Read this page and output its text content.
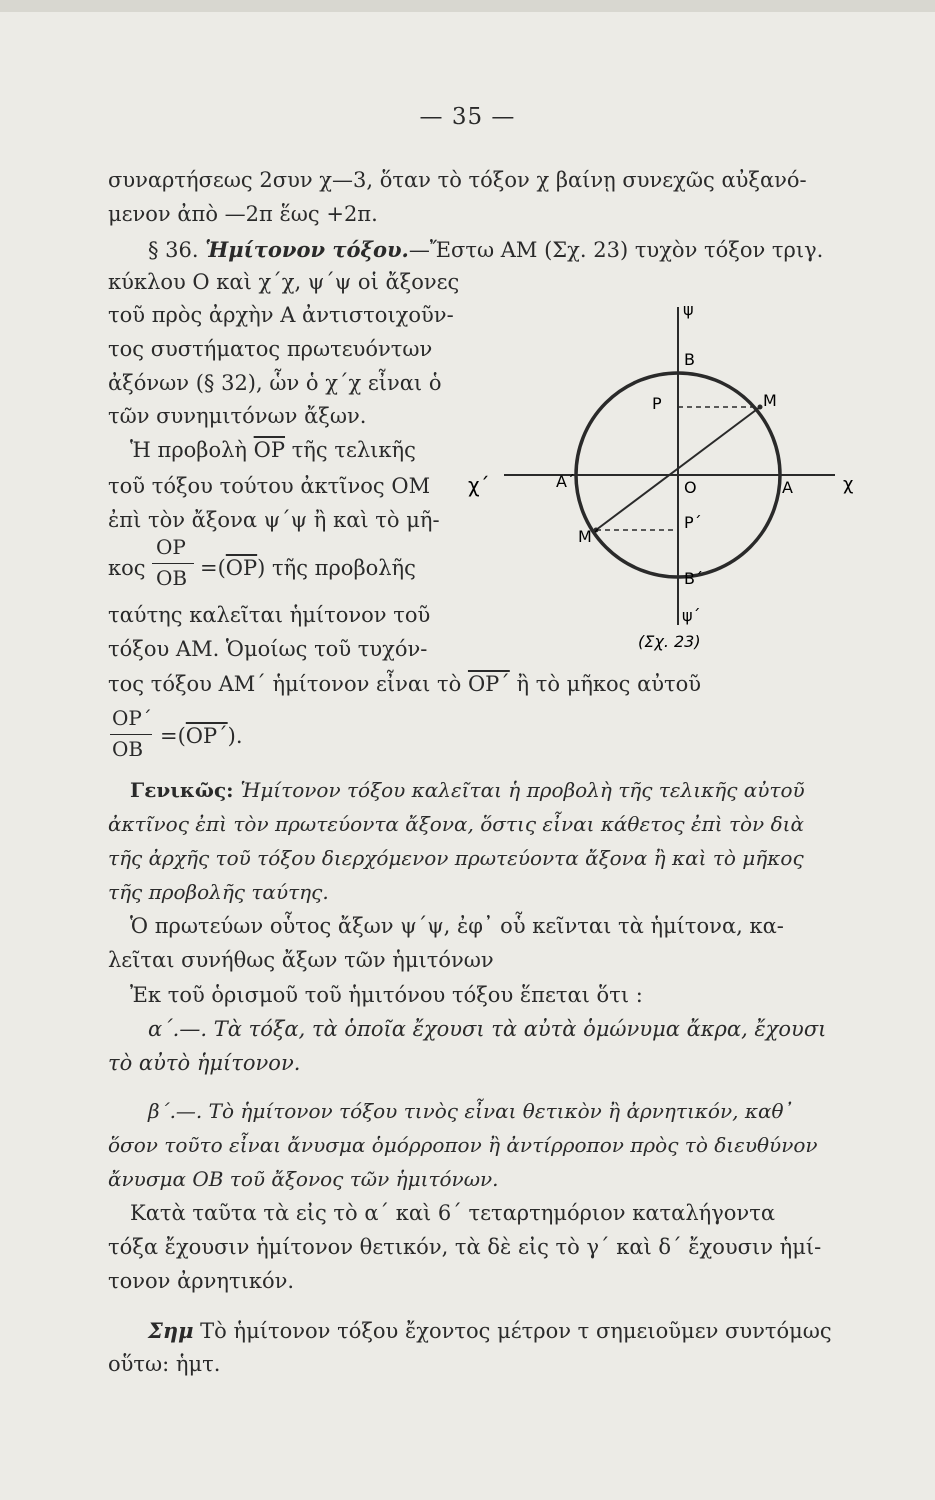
— 35 —
συναρτήσεως 2συν χ—3, ὅταν τὸ τόξον χ βαίνῃ συνεχῶς αὐξανό-
μενον ἀπὸ —2π ἕως +2π.
§ 36. Ἡμίτονον τόξου.—Ἔστω ΑΜ (Σχ. 23) τυχὸν τόξον τριγ.
κύκλου Ο καὶ χ΄χ, ψ΄ψ οἱ ἄξονες
τοῦ πρὸς ἀρχὴν Α ἀντιστοιχοῦν-
τος συστήματος πρωτευόντων
ἀξόνων (§ 32), ὧν ὁ χ΄χ εἶναι ὁ
τῶν συνημιτόνων ἄξων.
Ἡ προβολὴ $\overline{OP}$ τῆς τελικῆς
τοῦ τόξου τούτου ἀκτῖνος ΟΜ
ἐπὶ τὸν ἄξονα ψ΄ψ ἢ καὶ τὸ μῆ-
κος
ΟΡ
$OB =(\overline{OP})$ τῆς προβολῆς
ταύτης καλεῖται ἡμίτονον τοῦ
τόξου ΑΜ. Ὁμοίως τοῦ τυχόν-
τος τόξου ΑΜ΄ ἡμίτονον εἶναι τὸ $\overline{OP΄}$ ἢ τὸ μῆκος αὐτοῦ
ΟΡ΄
ΟΒ
$=(\overline{OP΄})$.
Γενικῶς: Ἡμίτονον τόξου καλεῖται ἡ προβολὴ τῆς τελικῆς αὐτοῦ
ἀκτῖνος ἐπὶ τὸν πρωτεύοντα ἄξονα, ὅστις εἶναι κάθετος ἐπὶ τὸν διὰ
τῆς ἀρχῆς τοῦ τόξου διερχόμενον πρωτεύοντα ἄξονα ἢ καὶ τὸ μῆκος
τῆς προβολῆς ταύτης.
Ὁ πρωτεύων οὗτος ἄξων ψ΄ψ, ἐφ᾽ οὗ κεῖνται τὰ ἡμίτονα, κα-
λεῖται συνήθως ἄξων τῶν ἡμιτόνων
Ἐκ τοῦ ὁρισμοῦ τοῦ ἡμιτόνου τόξου ἕπεται ὅτι :
α΄.—. Τὰ τόξα, τὰ ὁποῖα ἔχουσι τὰ αὐτὰ ὁμώνυμα ἄκρα, ἔχουσι
τὸ αὐτὸ ἡμίτονον.
β΄.—. Τὸ ἡμίτονον τόξου τινὸς εἶναι θετικὸν ἢ ἀρνητικόν, καθ᾽
ὅσον τοῦτο εἶναι ἄνυσμα ὁμόρροπον ἢ ἀντίρροπον πρὸς τὸ διευθύνον
ἄνυσμα ΟΒ τοῦ ἄξονος τῶν ἡμιτόνων.
Κατὰ ταῦτα τὰ εἰς τὸ α΄ καὶ 6΄ τεταρτημόριον καταλήγοντα
τόξα ἔχουσιν ἡμίτονον θετικόν, τὰ δὲ εἰς τὸ γ΄ καὶ δ΄ ἔχουσιν ἡμί-
τονον ἀρνητικόν.
Σημ Τὸ ἡμίτονον τόξου ἔχοντος μέτρον τ σημειοῦμεν συντόμως
οὕτω: ἡμτ.
ψ
Β
Ρ	Μ
χ΄	Α΄	Ο	Α	χ
Ρ΄
Μ΄
Β΄
ψ΄
(Σχ. 23)
